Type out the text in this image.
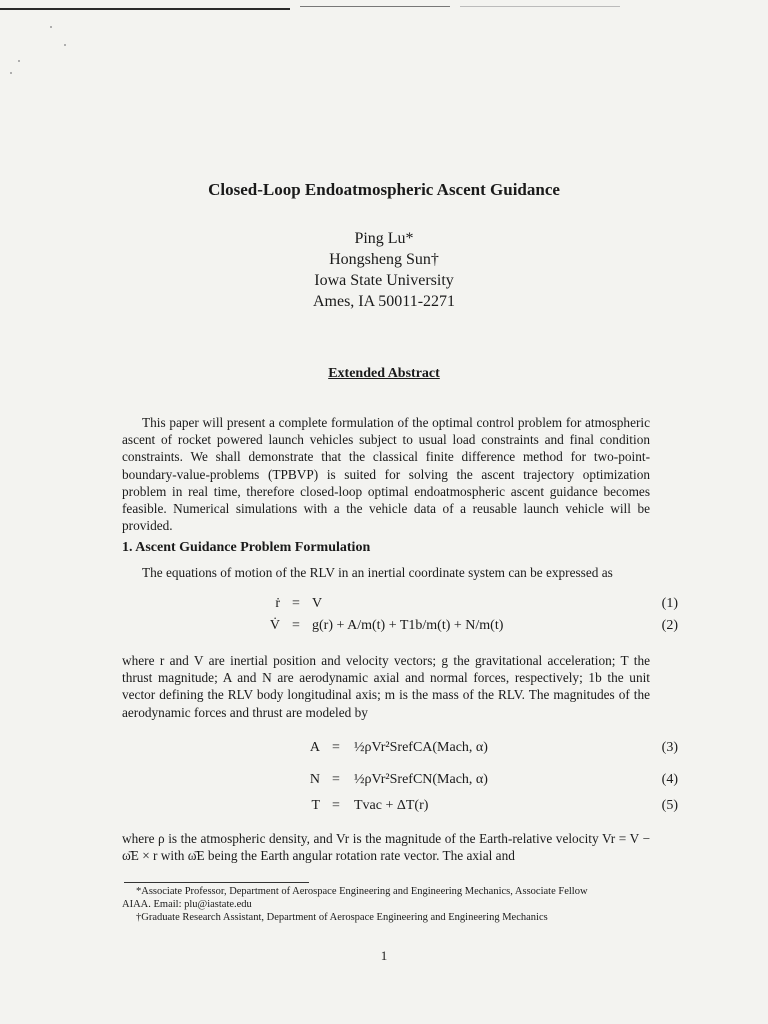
Closed-Loop Endoatmospheric Ascent Guidance
Ping Lu*
Hongsheng Sun†
Iowa State University
Ames, IA 50011-2271
Extended Abstract
This paper will present a complete formulation of the optimal control problem for atmospheric ascent of rocket powered launch vehicles subject to usual load constraints and final condition constraints. We shall demonstrate that the classical finite difference method for two-point-boundary-value-problems (TPBVP) is suited for solving the ascent trajectory optimization problem in real time, therefore closed-loop optimal endoatmospheric ascent guidance becomes feasible. Numerical simulations with a the vehicle data of a reusable launch vehicle will be provided.
1. Ascent Guidance Problem Formulation
The equations of motion of the RLV in an inertial coordinate system can be expressed as
ṙ = V	(1)
V̇ = g(r) + A/m(t) + T1b/m(t) + N/m(t)	(2)
where r and V are inertial position and velocity vectors; g the gravitational acceleration; T the thrust magnitude; A and N are aerodynamic axial and normal forces, respectively; 1b the unit vector defining the RLV body longitudinal axis; m is the mass of the RLV. The magnitudes of the aerodynamic forces and thrust are modeled by
A =	½ρVr²SrefCA(Mach, α)	(3)
N =	½ρVr²SrefCN(Mach, α)	(4)
T =	Tvac + ΔT(r)	(5)
where ρ is the atmospheric density, and Vr is the magnitude of the Earth-relative velocity Vr = V − ω̄E × r with ω̄E being the Earth angular rotation rate vector. The axial and
*Associate Professor, Department of Aerospace Engineering and Engineering Mechanics, Associate Fellow
AIAA. Email: plu@iastate.edu
†Graduate Research Assistant, Department of Aerospace Engineering and Engineering Mechanics
1
